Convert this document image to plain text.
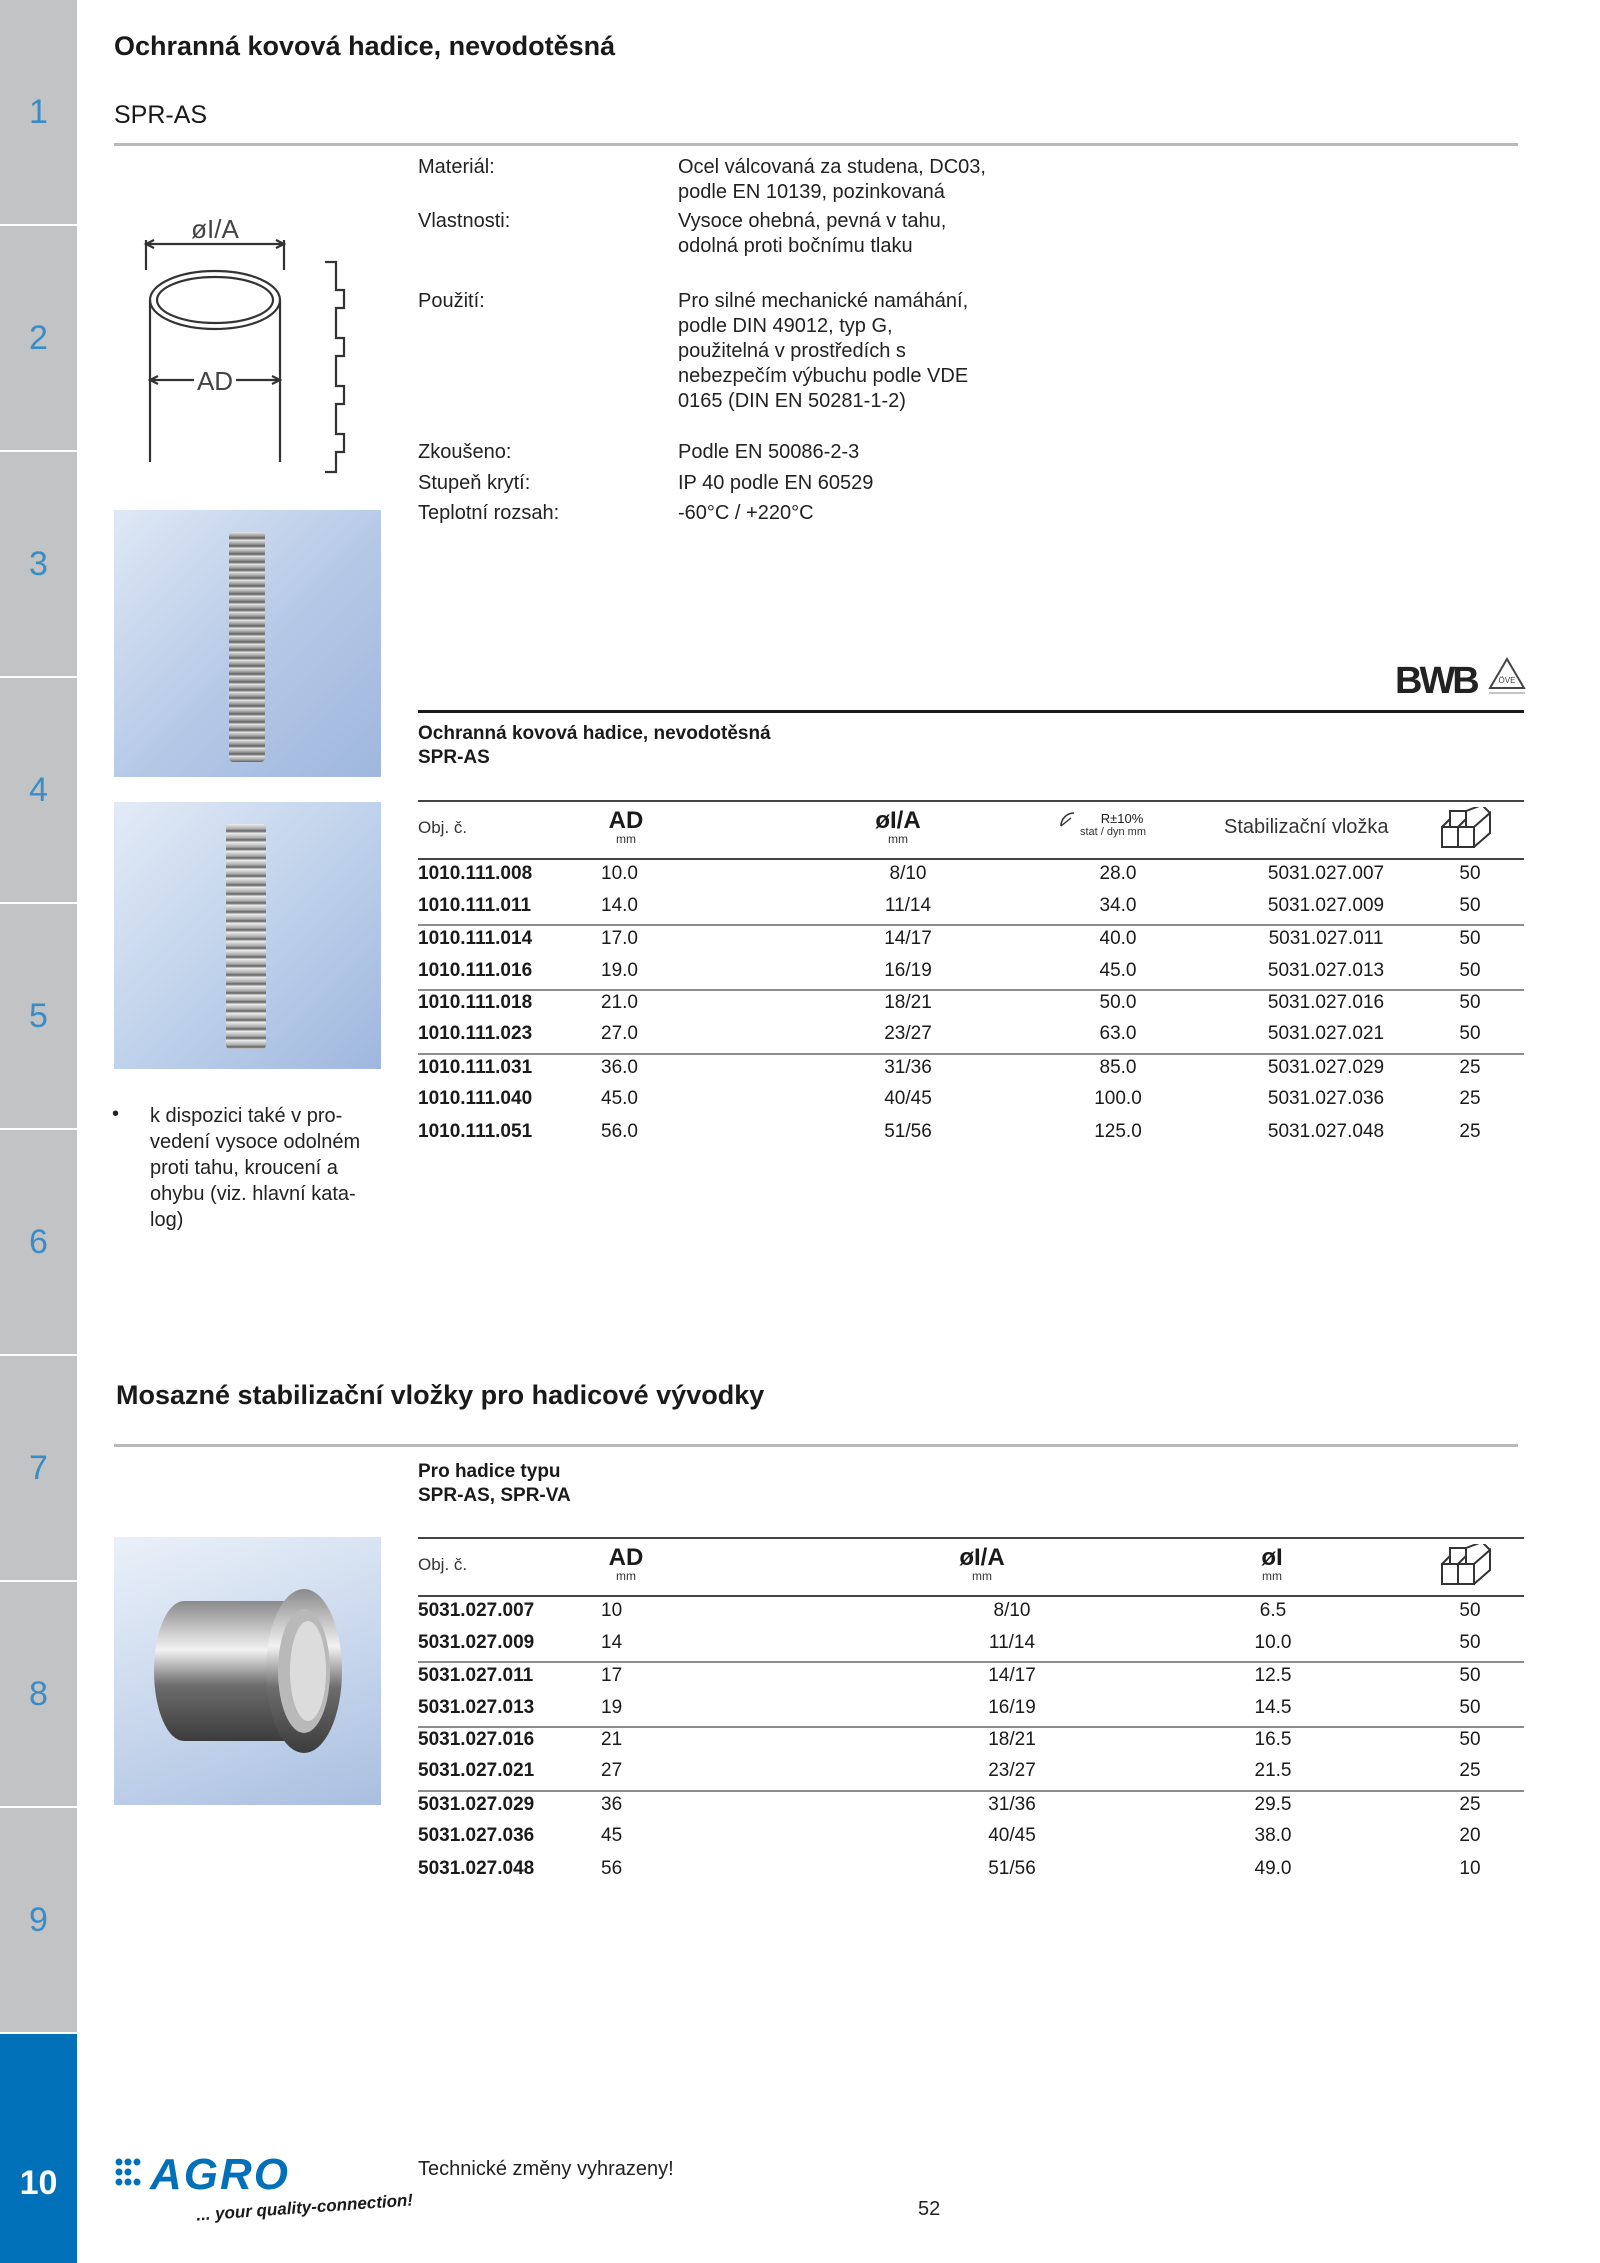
1
2
3
4
5
6
7
8
9
10
Ochranná kovová hadice, nevodotěsná
SPR-AS
øI/A
AD
• k dispozici také v pro-
vedení vysoce odolném
proti tahu, kroucení a
ohybu (viz. hlavní kata-
log)
Materiál:	Ocel válcovaná za studena, DC03,
podle EN 10139, pozinkovaná
Vlastnosti:	Vysoce ohebná, pevná v tahu,
odolná proti bočnímu tlaku
Použití:	Pro silné mechanické namáhání,
podle DIN 49012, typ G,
použitelná v prostředích s
nebezpečím výbuchu podle VDE
0165 (DIN EN 50281-1-2)
Zkoušeno:	Podle EN 50086-2-3
Stupeň krytí:	IP 40 podle EN 60529
Teplotní rozsah:	-60°C / +220°C
BWB	ÖVE
Ochranná kovová hadice, nevodotěsná
SPR-AS
Obj. č.	AD
mm
øI/A
mm
R±10%
stat / dyn mm	Stabilizační vložka
1010.111.008	10.0	8/10	28.0	5031.027.007	50
1010.111.011	14.0	11/14	34.0	5031.027.009	50
1010.111.014	17.0	14/17	40.0	5031.027.011	50
1010.111.016	19.0	16/19	45.0	5031.027.013	50
1010.111.018	21.0	18/21	50.0	5031.027.016	50
1010.111.023	27.0	23/27	63.0	5031.027.021	50
1010.111.031	36.0	31/36	85.0	5031.027.029	25
1010.111.040	45.0	40/45	100.0	5031.027.036	25
1010.111.051	56.0	51/56	125.0	5031.027.048	25
Mosazné stabilizační vložky pro hadicové vývodky
Pro hadice typu
SPR-AS, SPR-VA
Obj. č.	AD
mm
øI/A
mm
øI
mm
5031.027.007	10	8/10	6.5	50
5031.027.009	14	11/14	10.0	50
5031.027.011	17	14/17	12.5	50
5031.027.013	19	16/19	14.5	50
5031.027.016	21	18/21	16.5	50
5031.027.021	27	23/27	21.5	25
5031.027.029	36	31/36	29.5	25
5031.027.036	45	40/45	38.0	20
5031.027.048	56	51/56	49.0	10
AGRO
... your quality-connection!
Technické změny vyhrazeny!
52
